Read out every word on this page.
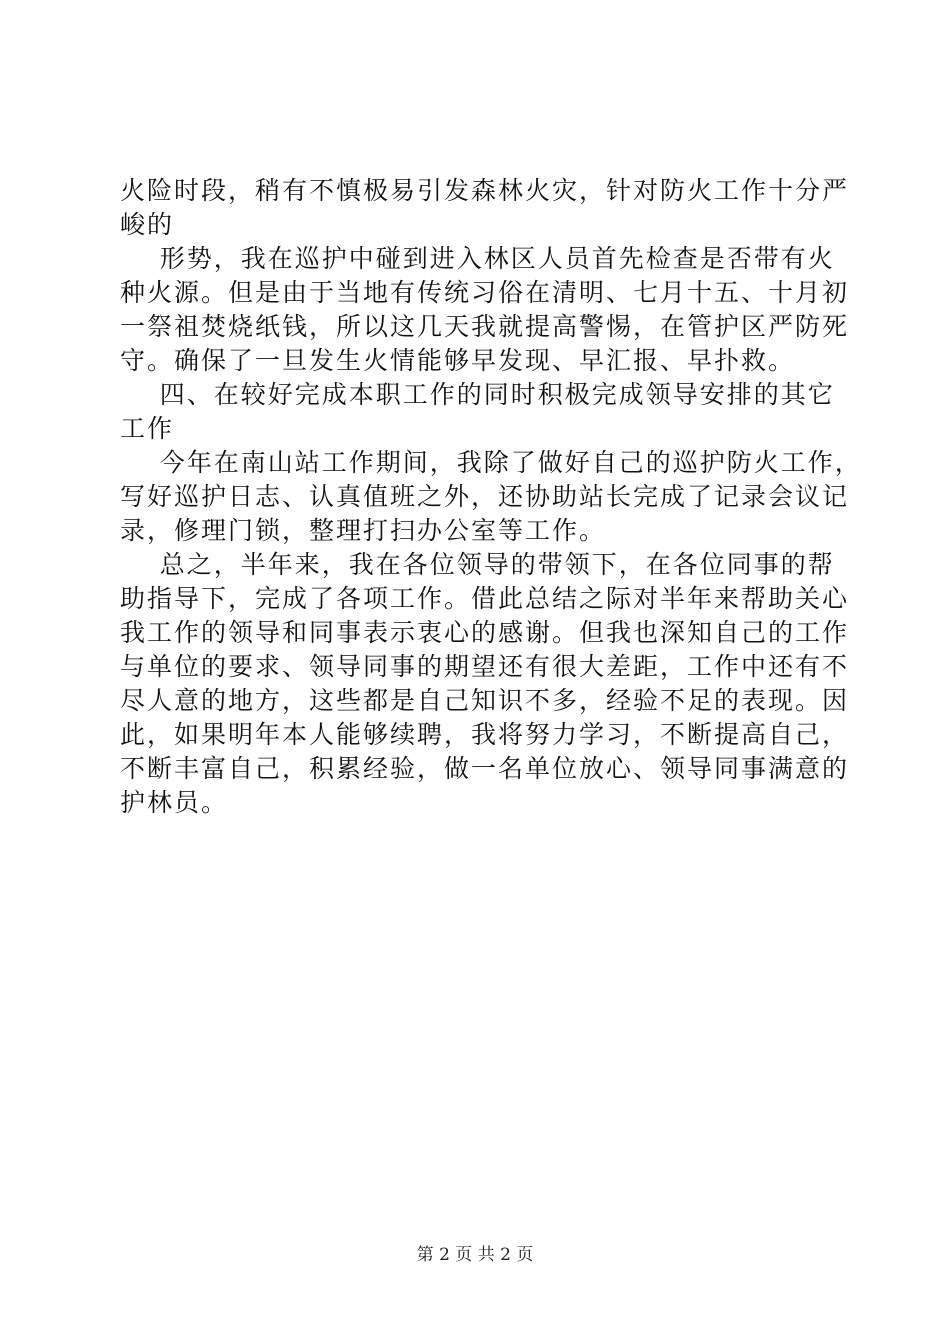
火险时段，稍有不慎极易引发森林火灾，针对防火工作十分严
峻的
形势，我在巡护中碰到进入林区人员首先检查是否带有火
种火源。但是由于当地有传统习俗在清明、七月十五、十月初
一祭祖焚烧纸钱，所以这几天我就提高警惕，在管护区严防死
守。确保了一旦发生火情能够早发现、早汇报、早扑救。
四、在较好完成本职工作的同时积极完成领导安排的其它
工作
今年在南山站工作期间，我除了做好自己的巡护防火工作，
写好巡护日志、认真值班之外，还协助站长完成了记录会议记
录，修理门锁，整理打扫办公室等工作。
总之，半年来，我在各位领导的带领下，在各位同事的帮
助指导下，完成了各项工作。借此总结之际对半年来帮助关心
我工作的领导和同事表示衷心的感谢。但我也深知自己的工作
与单位的要求、领导同事的期望还有很大差距，工作中还有不
尽人意的地方，这些都是自己知识不多，经验不足的表现。因
此，如果明年本人能够续聘，我将努力学习，不断提高自己，
不断丰富自己，积累经验，做一名单位放心、领导同事满意的
护林员。
第 2 页 共 2 页
